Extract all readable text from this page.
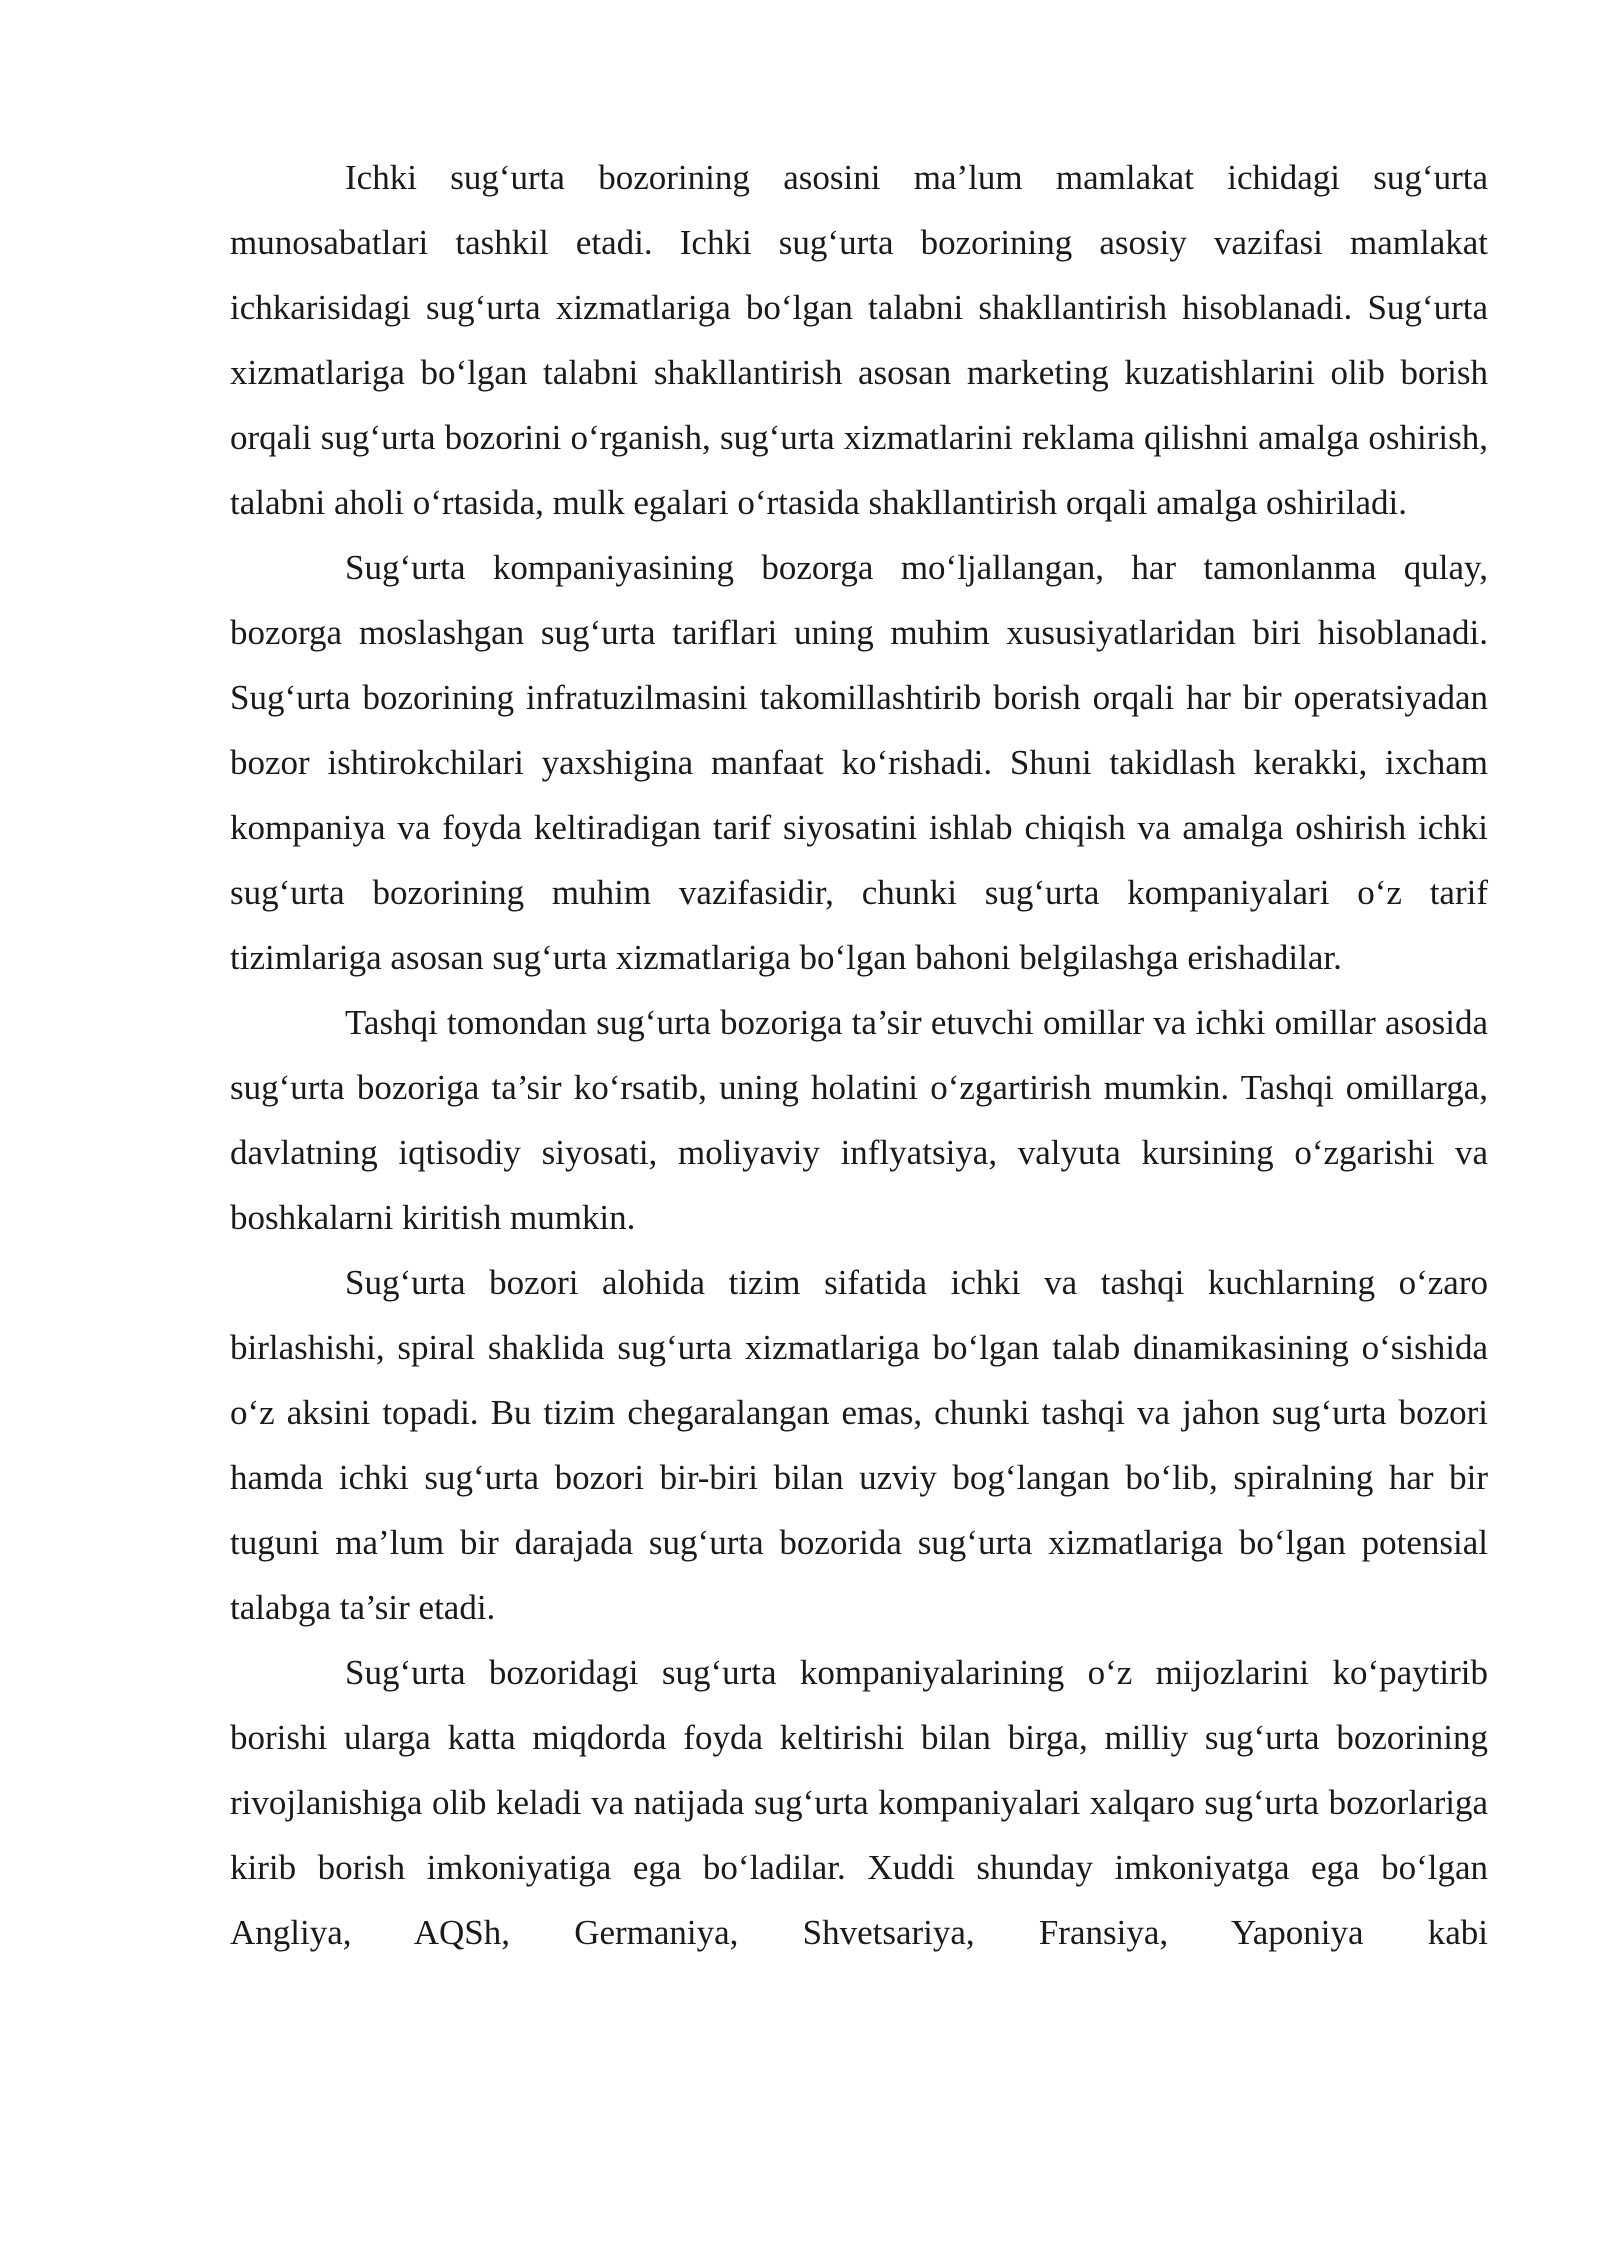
Ichki sug‘urta bozorining asosini ma’lum mamlakat ichidagi sug‘urta munosabatlari tashkil etadi. Ichki sug‘urta bozorining asosiy vazifasi mamlakat ichkarisidagi sug‘urta xizmatlariga bo‘lgan talabni shakllantirish hisoblanadi. Sug‘urta xizmatlariga bo‘lgan talabni shakllantirish asosan marketing kuzatishlarini olib borish orqali sug‘urta bozorini o‘rganish, sug‘urta xizmatlarini reklama qilishni amalga oshirish, talabni aholi o‘rtasida, mulk egalari o‘rtasida shakllantirish orqali amalga oshiriladi.

Sug‘urta kompaniyasining bozorga mo‘ljallangan, har tamonlanma qulay, bozorga moslashgan sug‘urta tariflari uning muhim xususiyatlaridan biri hisoblanadi. Sug‘urta bozorining infratuzilmasini takomillashtirib borish orqali har bir operatsiyadan bozor ishtirokchilari yaxshigina manfaat ko‘rishadi. Shuni takidlash kerakki, ixcham kompaniya va foyda keltiradigan tarif siyosatini ishlab chiqish va amalga oshirish ichki sug‘urta bozorining muhim vazifasidir, chunki sug‘urta kompaniyalari o‘z tarif tizimlariga asosan sug‘urta xizmatlariga bo‘lgan bahoni belgilashga erishadilar.

Tashqi tomondan sug‘urta bozoriga ta’sir etuvchi omillar va ichki omillar asosida sug‘urta bozoriga ta’sir ko‘rsatib, uning holatini o‘zgartirish mumkin. Tashqi omillarga, davlatning iqtisodiy siyosati, moliyaviy inflyatsiya, valyuta kursining o‘zgarishi va boshkalarni kiritish mumkin.

Sug‘urta bozori alohida tizim sifatida ichki va tashqi kuchlarning o‘zaro birlashishi, spiral shaklida sug‘urta xizmatlariga bo‘lgan talab dinamikasining o‘sishida o‘z aksini topadi. Bu tizim chegaralangan emas, chunki tashqi va jahon sug‘urta bozori hamda ichki sug‘urta bozori bir-biri bilan uzviy bog‘langan bo‘lib, spiralning har bir tuguni ma’lum bir darajada sug‘urta bozorida sug‘urta xizmatlariga bo‘lgan potensial talabga ta’sir etadi.

Sug‘urta bozoridagi sug‘urta kompaniyalarining o‘z mijozlarini ko‘paytirib borishi ularga katta miqdorda foyda keltirishi bilan birga, milliy sug‘urta bozorining rivojlanishiga olib keladi va natijada sug‘urta kompaniyalari xalqaro sug‘urta bozorlariga kirib borish imkoniyatiga ega bo‘ladilar. Xuddi shunday imkoniyatga ega bo‘lgan Angliya, AQSh, Germaniya, Shvetsariya, Fransiya, Yaponiya kabi
